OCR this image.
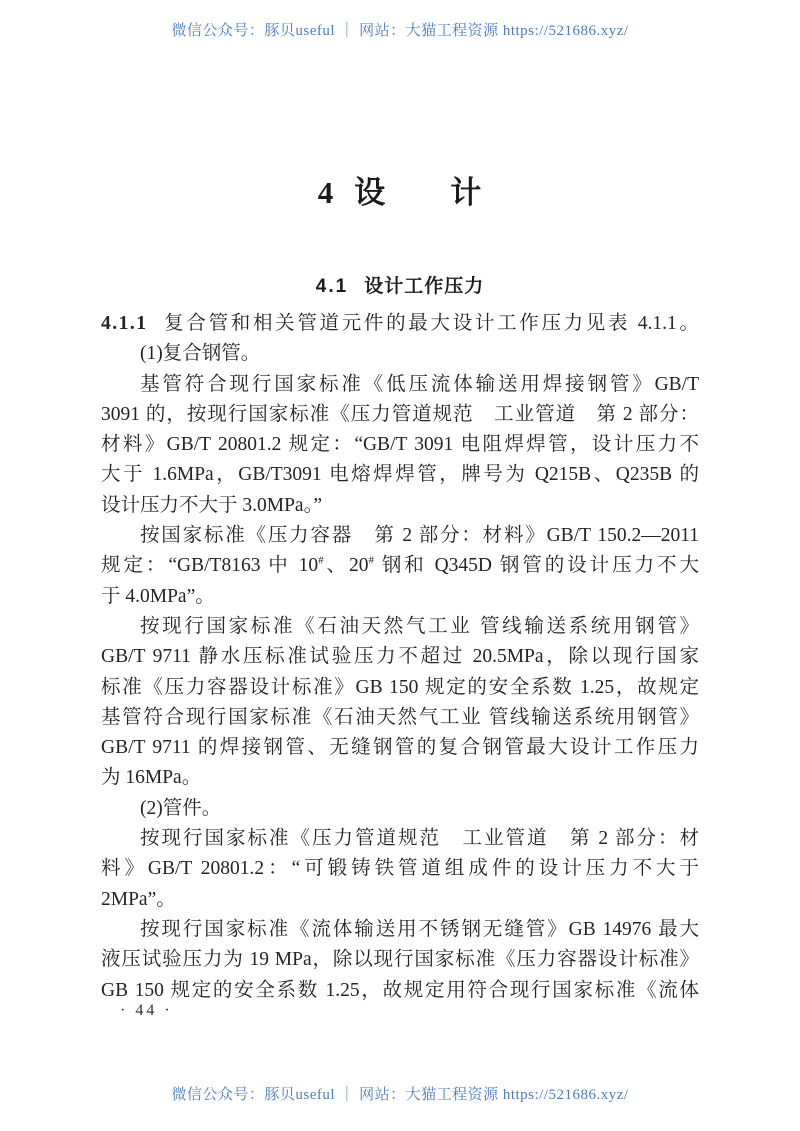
微信公众号：豚贝useful ｜ 网站：大猫工程资源 https://521686.xyz/
4 设　　计
4.1 设计工作压力
4.1.1 复合管和相关管道元件的最大设计工作压力见表 4.1.1。
(1)复合钢管。
基管符合现行国家标准《低压流体输送用焊接钢管》GB/T
3091 的，按现行国家标准《压力管道规范　工业管道　第 2 部分：
材料》GB/T 20801.2 规定：“GB/T 3091 电阻焊焊管，设计压力不
大于 1.6MPa，GB/T3091 电熔焊焊管，牌号为 Q215B、Q235B 的
设计压力不大于 3.0MPa。”
按国家标准《压力容器　第 2 部分：材料》GB/T 150.2—2011
规定：“GB/T8163 中 10#、20# 钢和 Q345D 钢管的设计压力不大
于 4.0MPa”。
按现行国家标准《石油天然气工业 管线输送系统用钢管》
GB/T 9711 静水压标准试验压力不超过 20.5MPa，除以现行国家
标准《压力容器设计标准》GB 150 规定的安全系数 1.25，故规定
基管符合现行国家标准《石油天然气工业 管线输送系统用钢管》
GB/T 9711 的焊接钢管、无缝钢管的复合钢管最大设计工作压力
为 16MPa。
(2)管件。
按现行国家标准《压力管道规范　工业管道　第 2 部分：材
料》GB/T 20801.2：“可锻铸铁管道组成件的设计压力不大于
2MPa”。
按现行国家标准《流体输送用不锈钢无缝管》GB 14976 最大
液压试验压力为 19 MPa，除以现行国家标准《压力容器设计标准》
GB 150 规定的安全系数 1.25，故规定用符合现行国家标准《流体
· 44 ·
微信公众号：豚贝useful ｜ 网站：大猫工程资源 https://521686.xyz/
